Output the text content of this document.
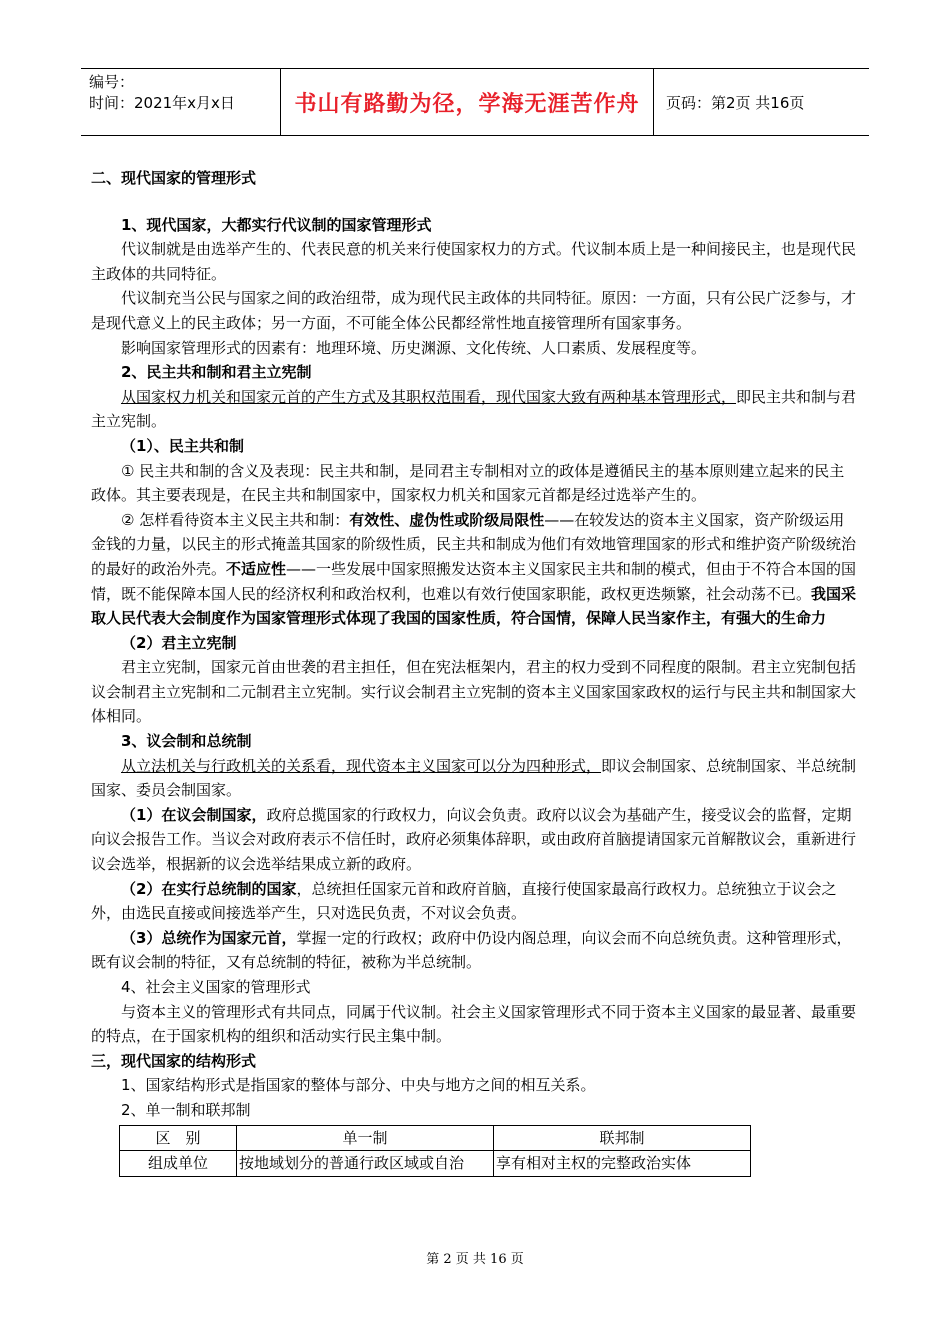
编号：
时间：2021年x月x日	书山有路勤为径，学海无涯苦作舟	页码：第2页 共16页

二、现代国家的管理形式

1、现代国家，大都实行代议制的国家管理形式

代议制就是由选举产生的、代表民意的机关来行使国家权力的方式。代议制本质上是一种间接民主，也是现代民主政体的共同特征。

代议制充当公民与国家之间的政治纽带，成为现代民主政体的共同特征。原因：一方面，只有公民广泛参与，才是现代意义上的民主政体；另一方面，不可能全体公民都经常性地直接管理所有国家事务。

影响国家管理形式的因素有：地理环境、历史渊源、文化传统、人口素质、发展程度等。

2、民主共和制和君主立宪制

从国家权力机关和国家元首的产生方式及其职权范围看，现代国家大致有两种基本管理形式，即民主共和制与君主立宪制。

（1）、民主共和制

① 民主共和制的含义及表现：民主共和制，是同君主专制相对立的政体是遵循民主的基本原则建立起来的民主政体。其主要表现是，在民主共和制国家中，国家权力机关和国家元首都是经过选举产生的。

② 怎样看待资本主义民主共和制：有效性、虚伪性或阶级局限性——在较发达的资本主义国家，资产阶级运用金钱的力量，以民主的形式掩盖其国家的阶级性质，民主共和制成为他们有效地管理国家的形式和维护资产阶级统治的最好的政治外壳。不适应性——一些发展中国家照搬发达资本主义国家民主共和制的模式，但由于不符合本国的国情，既不能保障本国人民的经济权利和政治权利，也难以有效行使国家职能，政权更迭频繁，社会动荡不已。我国采取人民代表大会制度作为国家管理形式体现了我国的国家性质，符合国情，保障人民当家作主，有强大的生命力

（2）君主立宪制

君主立宪制，国家元首由世袭的君主担任，但在宪法框架内，君主的权力受到不同程度的限制。君主立宪制包括议会制君主立宪制和二元制君主立宪制。实行议会制君主立宪制的资本主义国家国家政权的运行与民主共和制国家大体相同。

3、议会制和总统制

从立法机关与行政机关的关系看，现代资本主义国家可以分为四种形式，即议会制国家、总统制国家、半总统制国家、委员会制国家。

（1）在议会制国家，政府总揽国家的行政权力，向议会负责。政府以议会为基础产生，接受议会的监督，定期向议会报告工作。当议会对政府表示不信任时，政府必须集体辞职，或由政府首脑提请国家元首解散议会，重新进行议会选举，根据新的议会选举结果成立新的政府。

（2）在实行总统制的国家，总统担任国家元首和政府首脑，直接行使国家最高行政权力。总统独立于议会之外，由选民直接或间接选举产生，只对选民负责，不对议会负责。

（3）总统作为国家元首，掌握一定的行政权；政府中仍设内阁总理，向议会而不向总统负责。这种管理形式，既有议会制的特征，又有总统制的特征，被称为半总统制。

4、社会主义国家的管理形式

与资本主义的管理形式有共同点，同属于代议制。社会主义国家管理形式不同于资本主义国家的最显著、最重要的特点，在于国家机构的组织和活动实行民主集中制。

三，现代国家的结构形式

1、国家结构形式是指国家的整体与部分、中央与地方之间的相互关系。

2、单一制和联邦制

区　别	单一制	联邦制
组成单位	按地域划分的普通行政区域或自治	享有相对主权的完整政治实体
第 2 页 共 16 页
